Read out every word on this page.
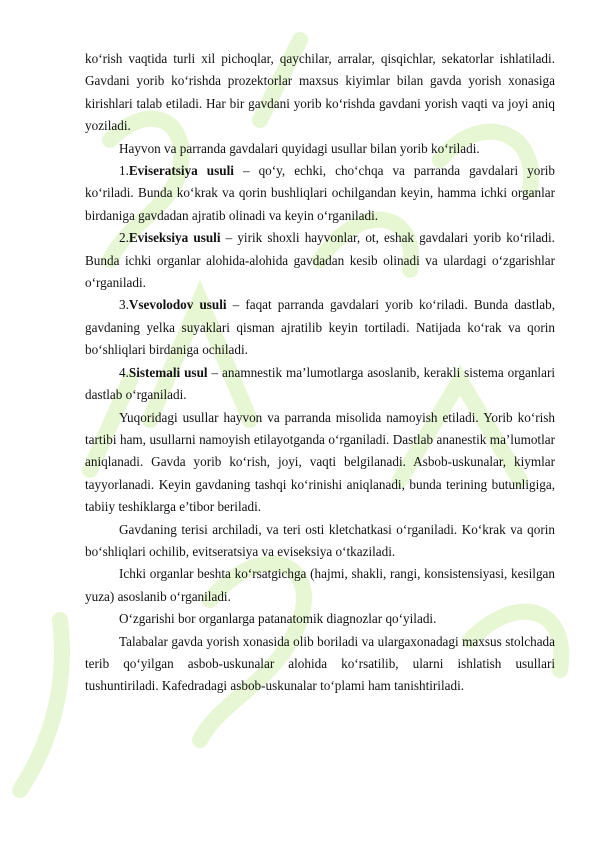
ko‘rish vaqtida turli xil pichoqlar, qaychilar, arralar, qisqichlar, sekatorlar ishlatiladi. Gavdani yorib ko‘rishda prozektorlar maxsus kiyimlar bilan gavda yorish xonasiga kirishlari talab etiladi. Har bir gavdani yorib ko‘rishda gavdani yorish vaqti va joyi aniq yoziladi.

Hayvon va parranda gavdalari quyidagi usullar bilan yorib ko‘riladi.

1.Eviseratsiya usuli – qo‘y, echki, cho‘chqa va parranda gavdalari yorib ko‘riladi. Bunda ko‘krak va qorin bushliqlari ochilgandan keyin, hamma ichki organlar birdaniga gavdadan ajratib olinadi va keyin o‘rganiladi.

2.Eviseksiya usuli – yirik shoxli hayvonlar, ot, eshak gavdalari yorib ko‘riladi. Bunda ichki organlar alohida-alohida gavdadan kesib olinadi va ulardagi o‘zgarishlar o‘rganiladi.

3.Vsevolodov usuli – faqat parranda gavdalari yorib ko‘riladi. Bunda dastlab, gavdaning yelka suyaklari qisman ajratilib keyin tortiladi. Natijada ko‘rak va qorin bo‘shliqlari birdaniga ochiladi.

4.Sistemali usul – anamnestik ma’lumotlarga asoslanib, kerakli sistema organlari dastlab o‘rganiladi.

Yuqoridagi usullar hayvon va parranda misolida namoyish etiladi. Yorib ko‘rish tartibi ham, usullarni namoyish etilayotganda o‘rganiladi. Dastlab ananestik ma’lumotlar aniqlanadi. Gavda yorib ko‘rish, joyi, vaqti belgilanadi. Asbob-uskunalar, kiymlar tayyorlanadi. Keyin gavdaning tashqi ko‘rinishi aniqlanadi, bunda terining butunligiga, tabiiy teshiklarga e’tibor beriladi.

Gavdaning terisi archiladi, va teri osti kletchatkasi o‘rganiladi. Ko‘krak va qorin bo‘shliqlari ochilib, evitseratsiya va eviseksiya o‘tkaziladi.

Ichki organlar beshta ko‘rsatgichga (hajmi, shakli, rangi, konsistensiyasi, kesilgan yuza) asoslanib o‘rganiladi.

O‘zgarishi bor organlarga patanatomik diagnozlar qo‘yiladi.

Talabalar gavda yorish xonasida olib boriladi va ulargaxonadagi maxsus stolchada terib qo‘yilgan asbob-uskunalar alohida ko‘rsatilib, ularni ishlatish usullari tushuntiriladi. Kafedradagi asbob-uskunalar to‘plami ham tanishtiriladi.
